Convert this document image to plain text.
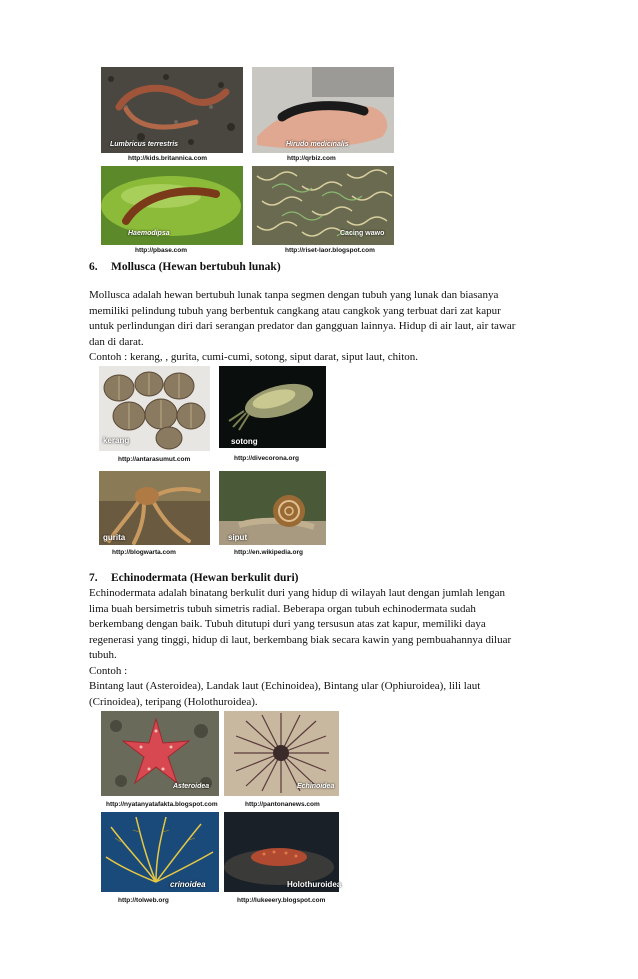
Lumbricus terrestris
http://kids.britannica.com
Hirudo medicinalis
http://qrbiz.com
Haemodipsa
http://pbase.com
Cacing wawo
http://riset-laor.blogspot.com
6. Mollusca (Hewan bertubuh lunak)

Mollusca adalah hewan bertubuh lunak tanpa segmen dengan tubuh yang lunak dan biasanya

memiliki pelindung tubuh yang berbentuk cangkang atau cangkok yang terbuat dari zat kapur

untuk perlindungan diri dari serangan predator dan gangguan lainnya. Hidup di air laut, air tawar

dan di darat.

Contoh : kerang, , gurita, cumi-cumi, sotong, siput darat, siput laut, chiton.

kerang
http://antarasumut.com
sotong
http://divecorona.org
gurita
http://blogwarta.com
siput
http://en.wikipedia.org
7. Echinodermata (Hewan berkulit duri)

Echinodermata adalah binatang berkulit duri yang hidup di wilayah laut dengan jumlah lengan

lima buah bersimetris tubuh simetris radial. Beberapa organ tubuh echinodermata sudah

berkembang dengan baik. Tubuh ditutupi duri yang tersusun atas zat kapur, memiliki daya

regenerasi yang tinggi, hidup di laut, berkembang biak secara kawin yang pembuahannya diluar

tubuh.

Contoh :

Bintang laut (Asteroidea), Landak laut (Echinoidea), Bintang ular (Ophiuroidea), lili laut

(Crinoidea), teripang (Holothuroidea).

Asteroidea
http://nyatanyatafakta.blogspot.com
Echinoidea
http://pantonanews.com
crinoidea
http://tolweb.org
Holothuroidea
http://lukeeery.blogspot.com
